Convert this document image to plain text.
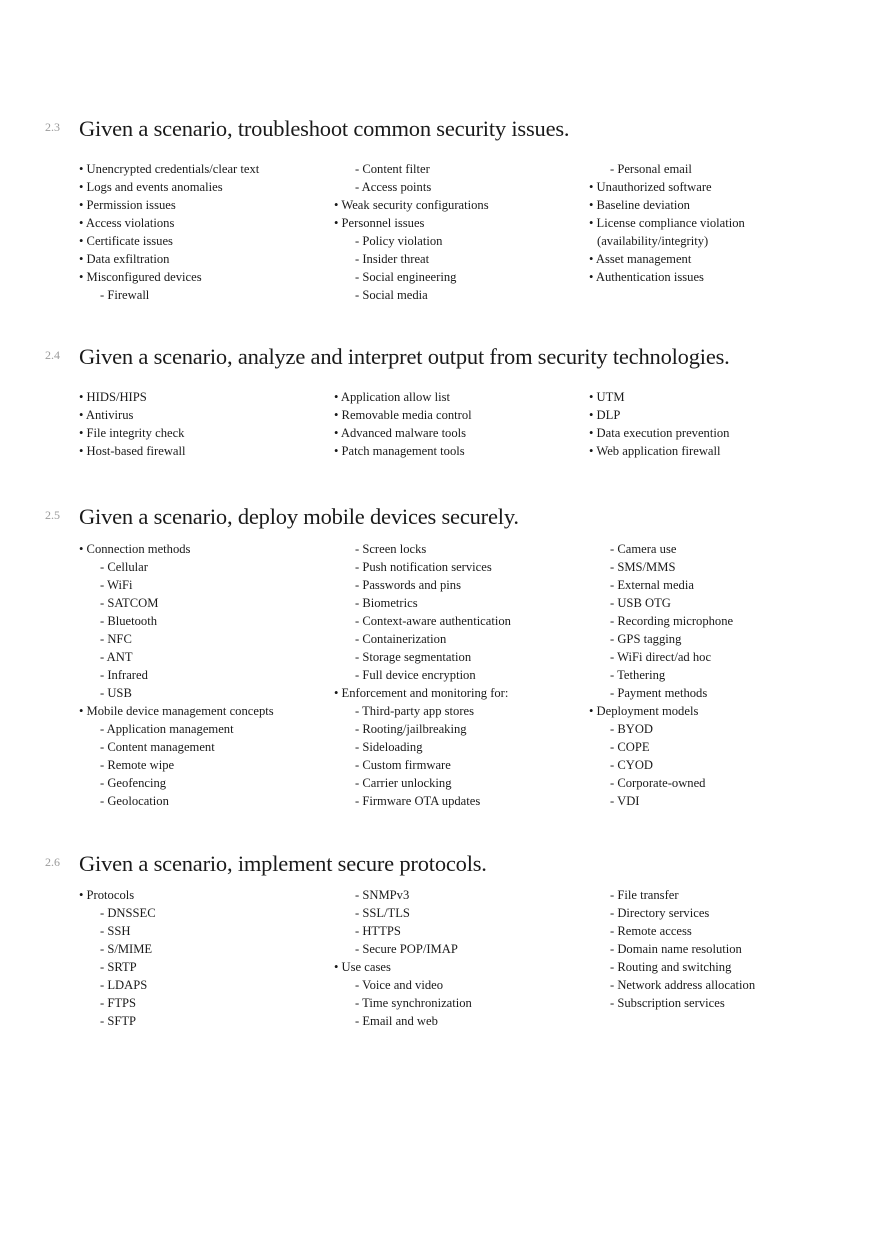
2.3 Given a scenario, troubleshoot common security issues.
• Unencrypted credentials/clear text
• Logs and events anomalies
• Permission issues
• Access violations
• Certificate issues
• Data exfiltration
• Misconfigured devices
- Firewall
- Content filter
- Access points
• Weak security configurations
• Personnel issues
- Policy violation
- Insider threat
- Social engineering
- Social media
- Personal email
• Unauthorized software
• Baseline deviation
• License compliance violation
(availability/integrity)
• Asset management
• Authentication issues
2.4 Given a scenario, analyze and interpret output from security technologies.
• HIDS/HIPS
• Antivirus
• File integrity check
• Host-based firewall
• Application allow list
• Removable media control
• Advanced malware tools
• Patch management tools
• UTM
• DLP
• Data execution prevention
• Web application firewall
2.5 Given a scenario, deploy mobile devices securely.
• Connection methods
- Cellular
- WiFi
- SATCOM
- Bluetooth
- NFC
- ANT
- Infrared
- USB
• Mobile device management concepts
- Application management
- Content management
- Remote wipe
- Geofencing
- Geolocation
- Screen locks
- Push notification services
- Passwords and pins
- Biometrics
- Context-aware authentication
- Containerization
- Storage segmentation
- Full device encryption
• Enforcement and monitoring for:
- Third-party app stores
- Rooting/jailbreaking
- Sideloading
- Custom firmware
- Carrier unlocking
- Firmware OTA updates
- Camera use
- SMS/MMS
- External media
- USB OTG
- Recording microphone
- GPS tagging
- WiFi direct/ad hoc
- Tethering
- Payment methods
• Deployment models
- BYOD
- COPE
- CYOD
- Corporate-owned
- VDI
2.6 Given a scenario, implement secure protocols.
• Protocols
- DNSSEC
- SSH
- S/MIME
- SRTP
- LDAPS
- FTPS
- SFTP
- SNMPv3
- SSL/TLS
- HTTPS
- Secure POP/IMAP
• Use cases
- Voice and video
- Time synchronization
- Email and web
- File transfer
- Directory services
- Remote access
- Domain name resolution
- Routing and switching
- Network address allocation
- Subscription services
